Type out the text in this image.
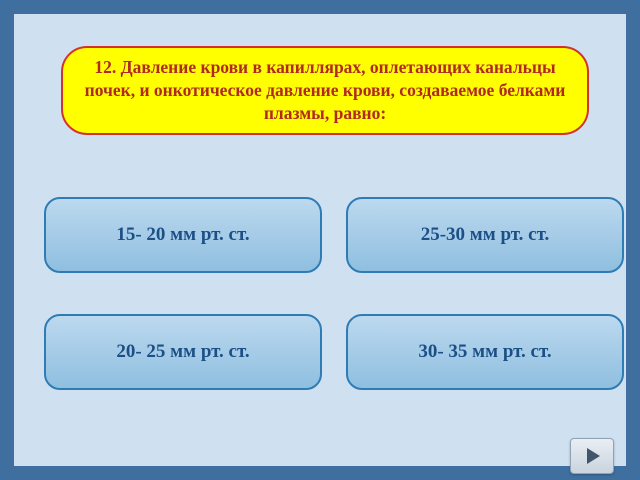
12. Давление крови в капиллярах, оплетающих канальцы почек, и онкотическое давление крови, создаваемое белками плазмы, равно:
15- 20 мм рт. ст.	25-30 мм рт. ст.
20- 25 мм рт. ст.	30- 35 мм рт. ст.
